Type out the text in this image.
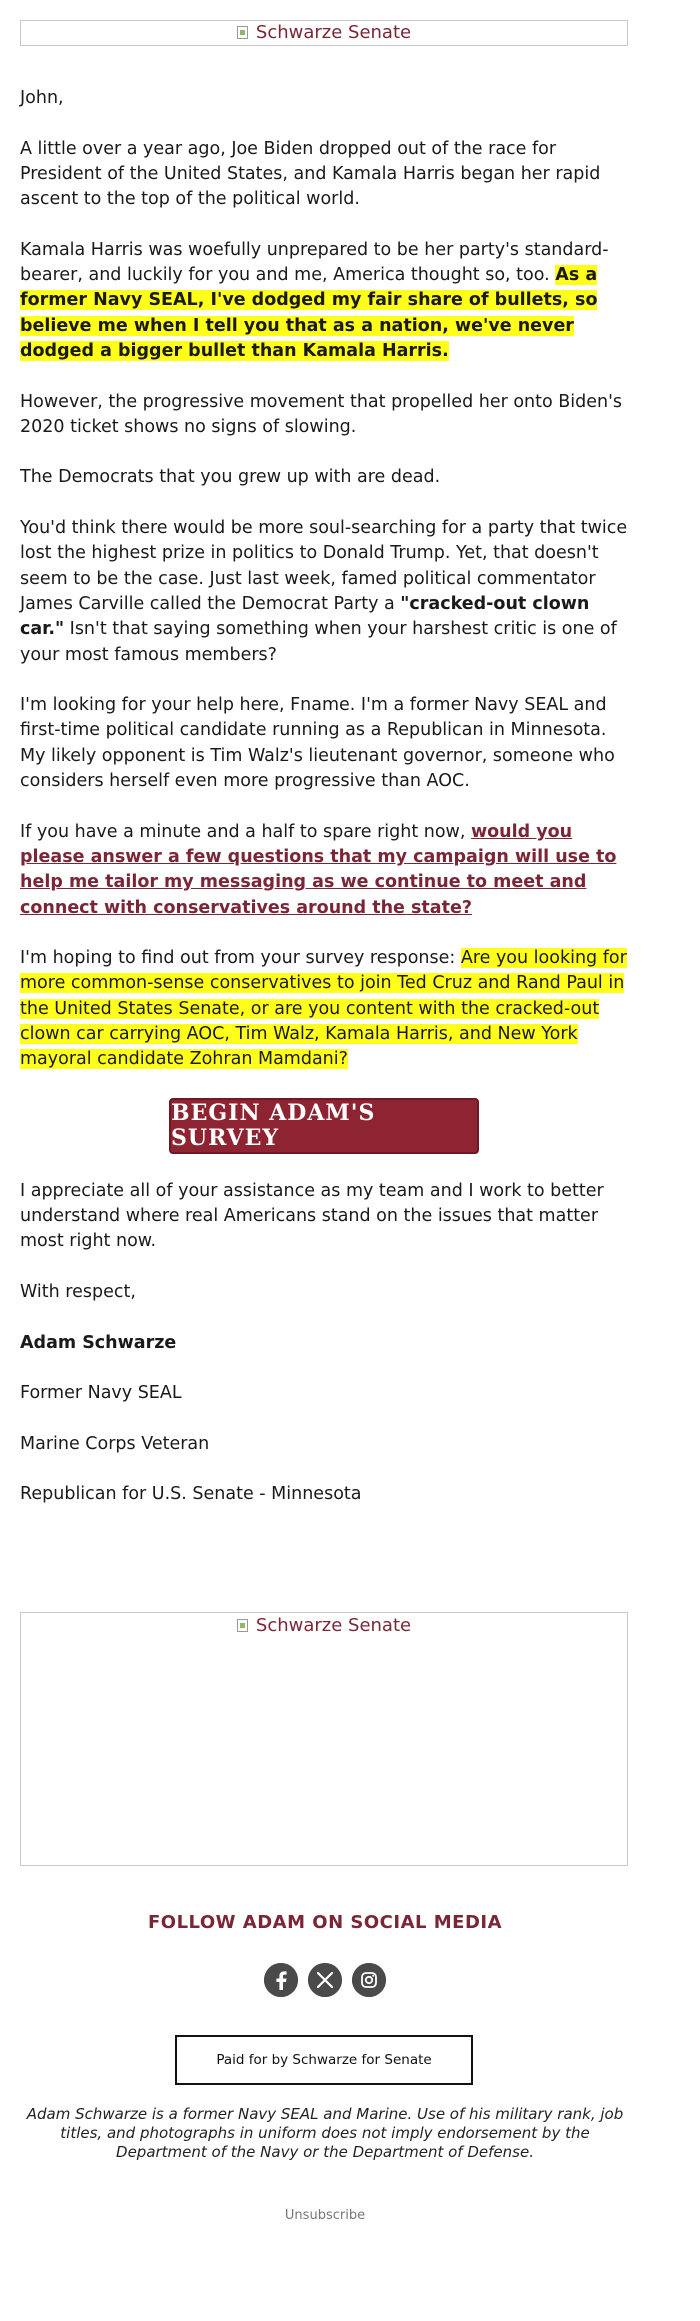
Schwarze Senate

John,

A little over a year ago, Joe Biden dropped out of the race for President of the United States, and Kamala Harris began her rapid ascent to the top of the political world.

Kamala Harris was woefully unprepared to be her party's standard-bearer, and luckily for you and me, America thought so, too. As a former Navy SEAL, I've dodged my fair share of bullets, so believe me when I tell you that as a nation, we've never dodged a bigger bullet than Kamala Harris.

However, the progressive movement that propelled her onto Biden's 2020 ticket shows no signs of slowing.

The Democrats that you grew up with are dead.

You'd think there would be more soul-searching for a party that twice lost the highest prize in politics to Donald Trump. Yet, that doesn't seem to be the case. Just last week, famed political commentator James Carville called the Democrat Party a "cracked-out clown car." Isn't that saying something when your harshest critic is one of your most famous members?

I'm looking for your help here, Fname. I'm a former Navy SEAL and first-time political candidate running as a Republican in Minnesota. My likely opponent is Tim Walz's lieutenant governor, someone who considers herself even more progressive than AOC.

If you have a minute and a half to spare right now, would you please answer a few questions that my campaign will use to help me tailor my messaging as we continue to meet and connect with conservatives around the state?

I'm hoping to find out from your survey response: Are you looking for more common-sense conservatives to join Ted Cruz and Rand Paul in the United States Senate, or are you content with the cracked-out clown car carrying AOC, Tim Walz, Kamala Harris, and New York mayoral candidate Zohran Mamdani?

BEGIN ADAM'S SURVEY

I appreciate all of your assistance as my team and I work to better understand where real Americans stand on the issues that matter most right now.

With respect,

Adam Schwarze

Former Navy SEAL

Marine Corps Veteran

Republican for U.S. Senate - Minnesota

Schwarze Senate
FOLLOW ADAM ON SOCIAL MEDIA
Paid for by Schwarze for Senate
Adam Schwarze is a former Navy SEAL and Marine. Use of his military rank, job titles, and photographs in uniform does not imply endorsement by the Department of the Navy or the Department of Defense.
Unsubscribe
